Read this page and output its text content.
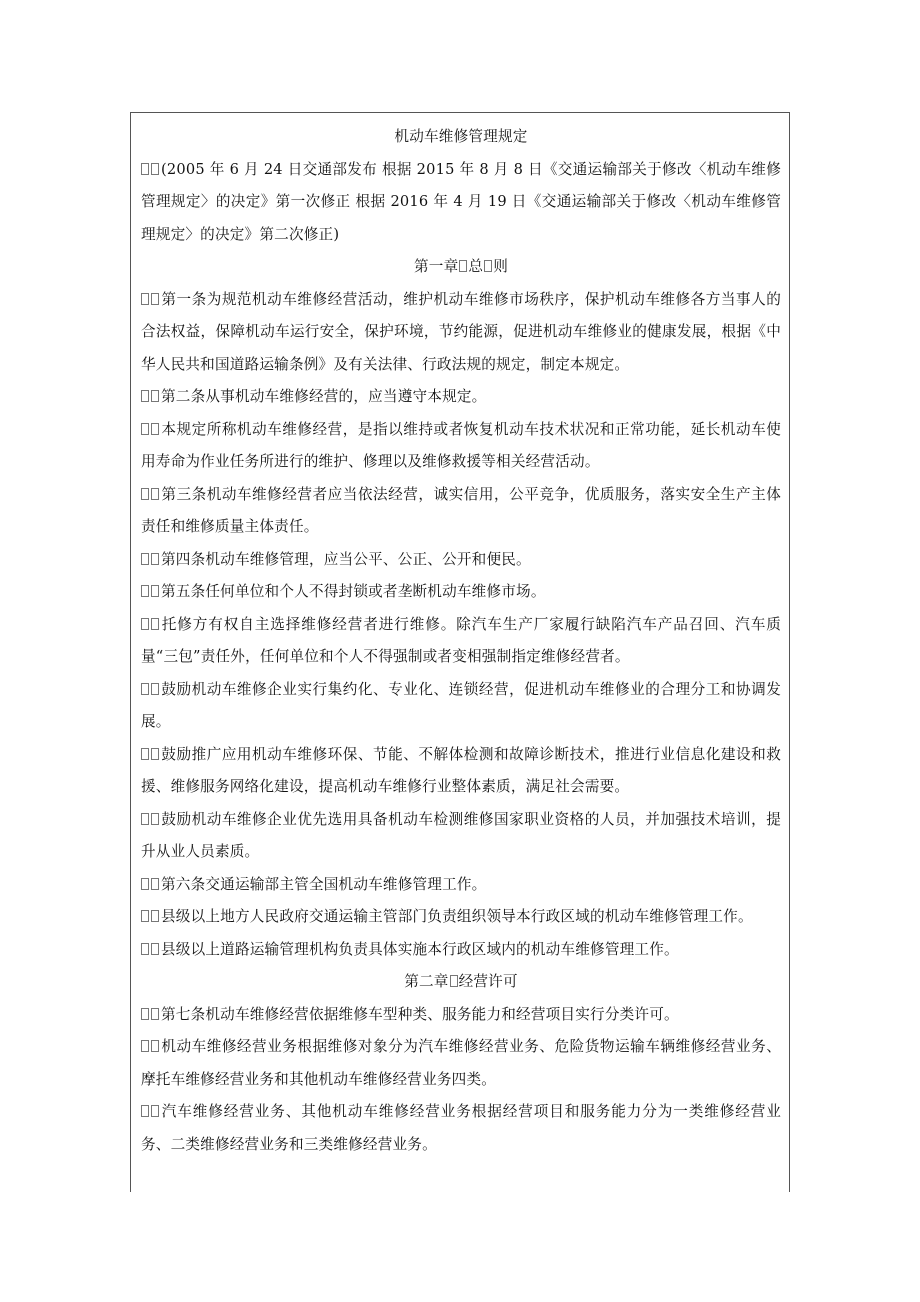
机动车维修管理规定

(2005 年 6 月 24 日交通部发布 根据 2015 年 8 月 8 日《交通运输部关于修改〈机动车维修管理规定〉的决定》第一次修正 根据 2016 年 4 月 19 日《交通运输部关于修改〈机动车维修管理规定〉的决定》第二次修正)

第一章 总 则

第一条为规范机动车维修经营活动，维护机动车维修市场秩序，保护机动车维修各方当事人的合法权益，保障机动车运行安全，保护环境，节约能源，促进机动车维修业的健康发展，根据《中华人民共和国道路运输条例》及有关法律、行政法规的规定，制定本规定。

第二条从事机动车维修经营的，应当遵守本规定。

本规定所称机动车维修经营，是指以维持或者恢复机动车技术状况和正常功能，延长机动车使用寿命为作业任务所进行的维护、修理以及维修救援等相关经营活动。

第三条机动车维修经营者应当依法经营，诚实信用，公平竞争，优质服务，落实安全生产主体责任和维修质量主体责任。

第四条机动车维修管理，应当公平、公正、公开和便民。

第五条任何单位和个人不得封锁或者垄断机动车维修市场。

托修方有权自主选择维修经营者进行维修。除汽车生产厂家履行缺陷汽车产品召回、汽车质量“三包”责任外，任何单位和个人不得强制或者变相强制指定维修经营者。

鼓励机动车维修企业实行集约化、专业化、连锁经营，促进机动车维修业的合理分工和协调发展。

鼓励推广应用机动车维修环保、节能、不解体检测和故障诊断技术，推进行业信息化建设和救援、维修服务网络化建设，提高机动车维修行业整体素质，满足社会需要。

鼓励机动车维修企业优先选用具备机动车检测维修国家职业资格的人员，并加强技术培训，提升从业人员素质。

第六条交通运输部主管全国机动车维修管理工作。

县级以上地方人民政府交通运输主管部门负责组织领导本行政区域的机动车维修管理工作。

县级以上道路运输管理机构负责具体实施本行政区域内的机动车维修管理工作。

第二章 经营许可

第七条机动车维修经营依据维修车型种类、服务能力和经营项目实行分类许可。

机动车维修经营业务根据维修对象分为汽车维修经营业务、危险货物运输车辆维修经营业务、摩托车维修经营业务和其他机动车维修经营业务四类。

汽车维修经营业务、其他机动车维修经营业务根据经营项目和服务能力分为一类维修经营业务、二类维修经营业务和三类维修经营业务。
